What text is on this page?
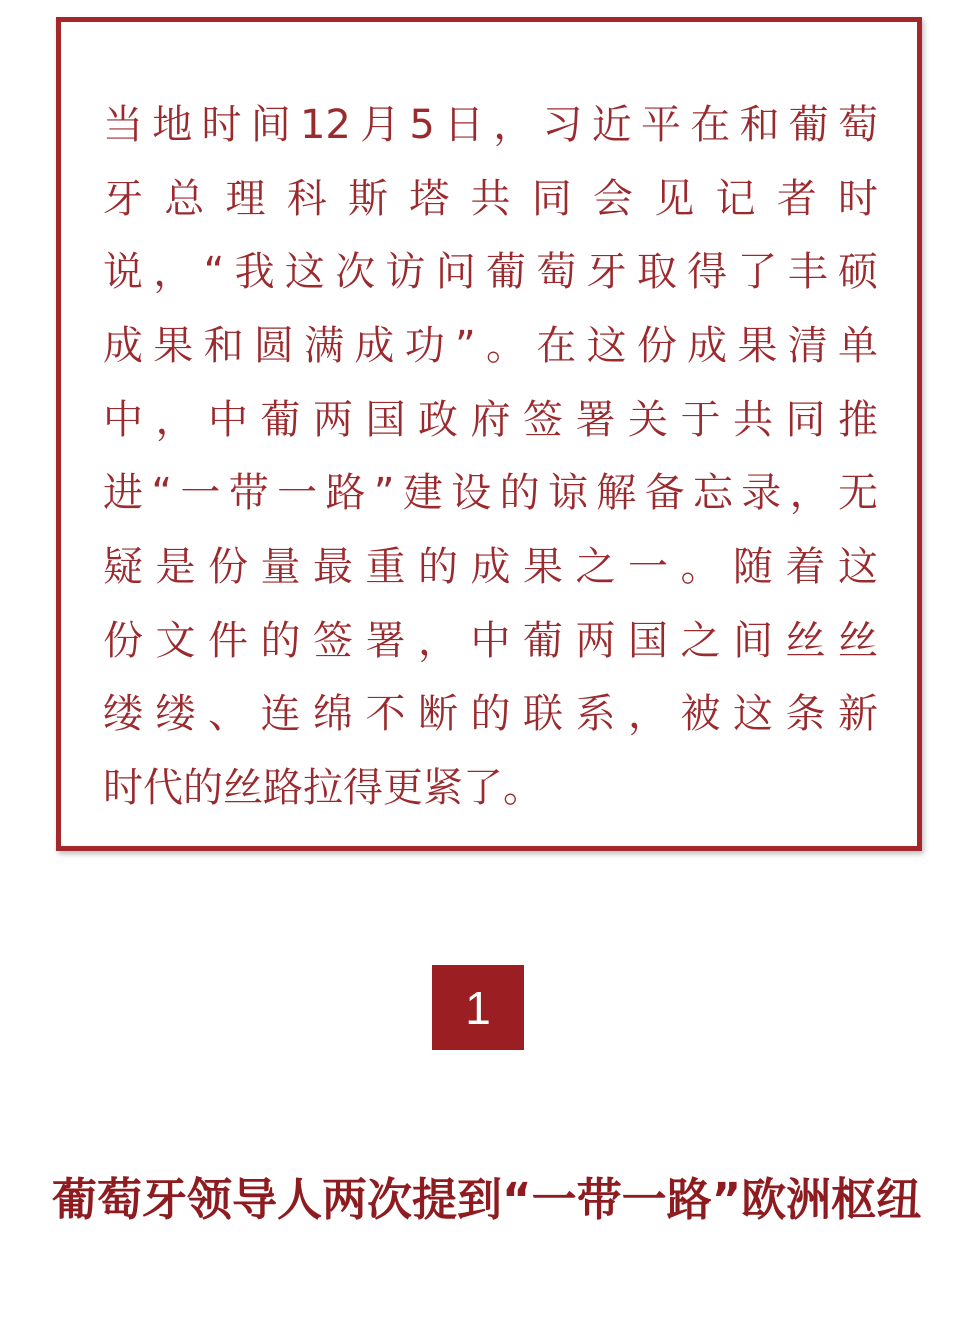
当地时间12月5日，习近平在和葡萄
牙总理科斯塔共同会见记者时
说，“我这次访问葡萄牙取得了丰硕
成果和圆满成功”。在这份成果清单
中，中葡两国政府签署关于共同推
进“一带一路”建设的谅解备忘录，无
疑是份量最重的成果之一。随着这
份文件的签署，中葡两国之间丝丝
缕缕、连绵不断的联系，被这条新
时代的丝路拉得更紧了。
1
葡萄牙领导人两次提到“一带一路”欧洲枢纽
